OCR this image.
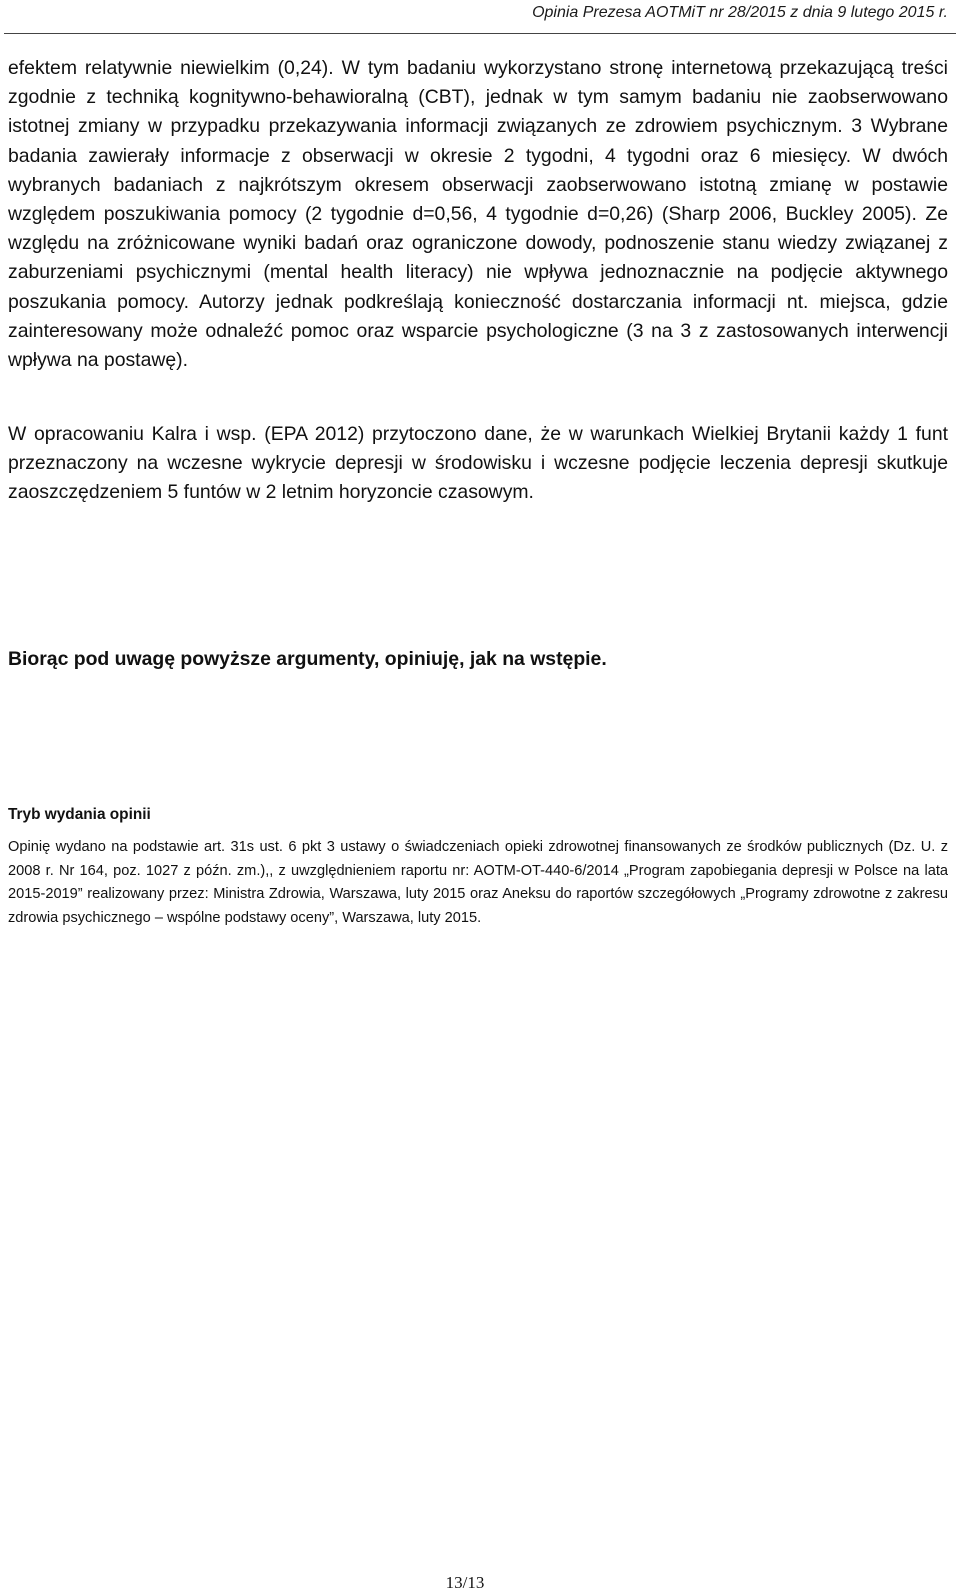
Opinia Prezesa AOTMiT nr 28/2015 z dnia 9 lutego 2015 r.

efektem relatywnie niewielkim (0,24). W tym badaniu wykorzystano stronę internetową przekazującą treści zgodnie z techniką kognitywno-behawioralną (CBT), jednak w tym samym badaniu nie zaobserwowano istotnej zmiany w przypadku przekazywania informacji związanych ze zdrowiem psychicznym. 3 Wybrane badania zawierały informacje z obserwacji w okresie 2 tygodni, 4 tygodni oraz 6 miesięcy. W dwóch wybranych badaniach z najkrótszym okresem obserwacji zaobserwowano istotną zmianę w postawie względem poszukiwania pomocy (2 tygodnie d=0,56, 4 tygodnie d=0,26) (Sharp 2006, Buckley 2005). Ze względu na zróżnicowane wyniki badań oraz ograniczone dowody, podnoszenie stanu wiedzy związanej z zaburzeniami psychicznymi (mental health literacy) nie wpływa jednoznacznie na podjęcie aktywnego poszukania pomocy. Autorzy jednak podkreślają konieczność dostarczania informacji nt. miejsca, gdzie zainteresowany może odnaleźć pomoc oraz wsparcie psychologiczne (3 na 3 z zastosowanych interwencji wpływa na postawę).

W opracowaniu Kalra i wsp. (EPA 2012) przytoczono dane, że w warunkach Wielkiej Brytanii każdy 1 funt przeznaczony na wczesne wykrycie depresji w środowisku i wczesne podjęcie leczenia depresji skutkuje zaoszczędzeniem 5 funtów w 2 letnim horyzoncie czasowym.

Biorąc pod uwagę powyższe argumenty, opiniuję, jak na wstępie.

Tryb wydania opinii

Opinię wydano na podstawie art. 31s ust. 6 pkt 3 ustawy o świadczeniach opieki zdrowotnej finansowanych ze środków publicznych (Dz. U. z 2008 r. Nr 164, poz. 1027 z późn. zm.),, z uwzględnieniem raportu nr: AOTM-OT-440-6/2014 „Program zapobiegania depresji w Polsce na lata 2015-2019” realizowany przez: Ministra Zdrowia, Warszawa, luty 2015 oraz Aneksu do raportów szczegółowych „Programy zdrowotne z zakresu zdrowia psychicznego – wspólne podstawy oceny”, Warszawa, luty 2015.

13/13
